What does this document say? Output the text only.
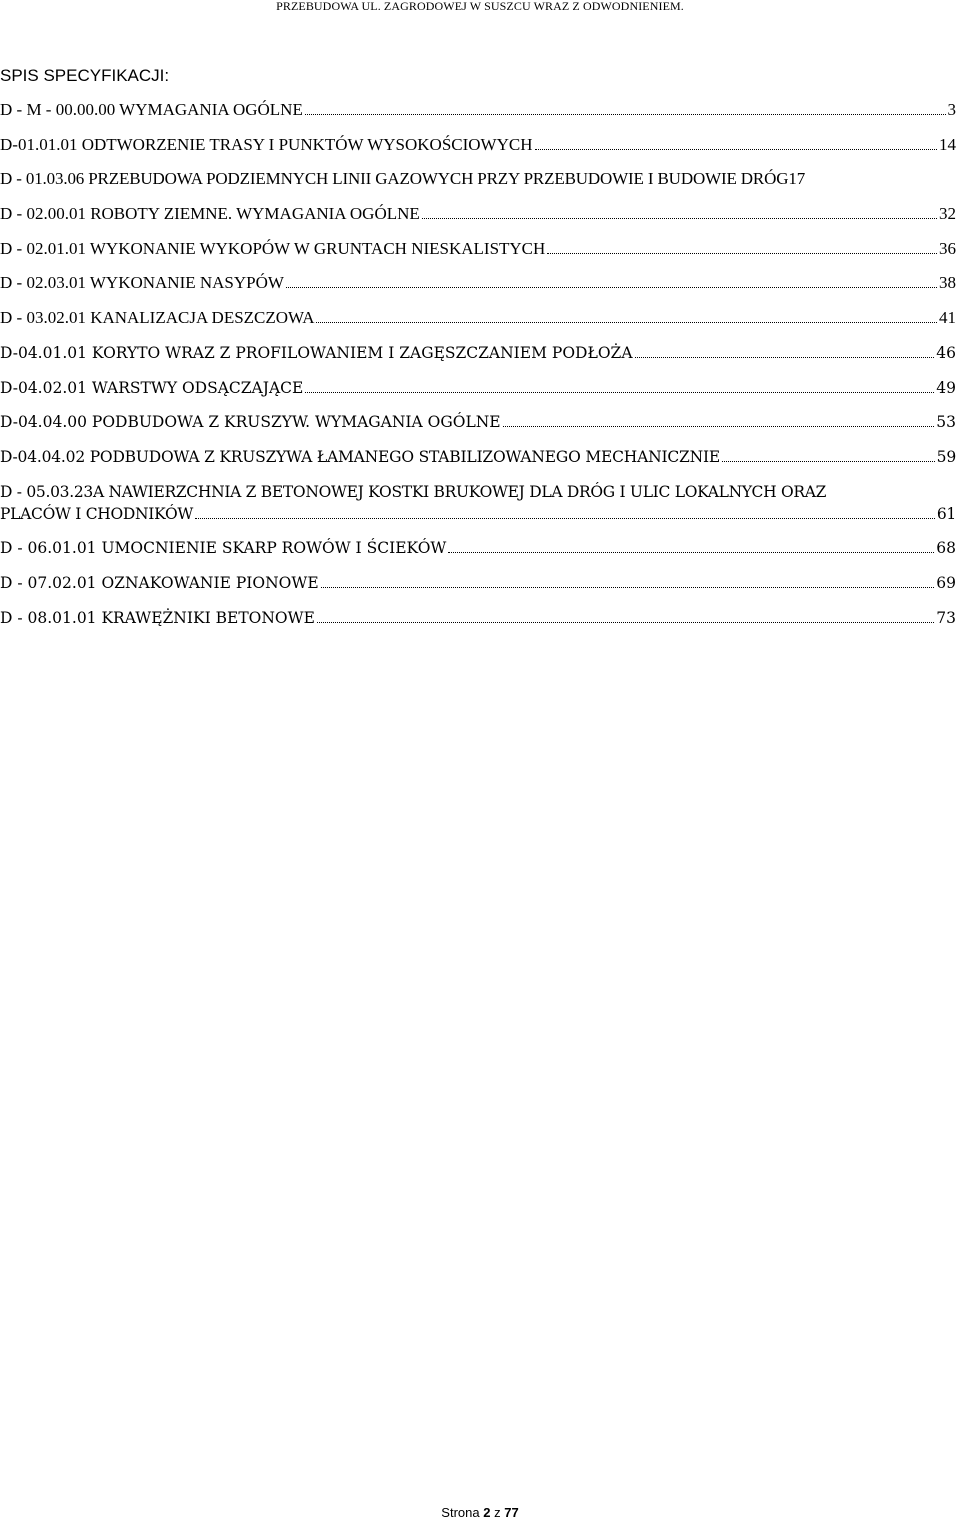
PRZEBUDOWA UL. ZAGRODOWEJ W SUSZCU WRAZ Z ODWODNIENIEM.
SPIS SPECYFIKACJI:
D - M - 00.00.00 WYMAGANIA OGÓLNE	3
D-01.01.01 ODTWORZENIE TRASY I PUNKTÓW WYSOKOŚCIOWYCH	14
D - 01.03.06 PRZEBUDOWA PODZIEMNYCH LINII GAZOWYCH PRZY PRZEBUDOWIE I BUDOWIE DRÓG 17
D - 02.00.01 ROBOTY ZIEMNE. WYMAGANIA OGÓLNE	32
D - 02.01.01 WYKONANIE WYKOPÓW W GRUNTACH NIESKALISTYCH	36
D - 02.03.01 WYKONANIE NASYPÓW	38
D - 03.02.01 KANALIZACJA DESZCZOWA	41
D-04.01.01 KORYTO WRAZ Z PROFILOWANIEM I ZAGĘSZCZANIEM PODŁOŻA	46
D-04.02.01 WARSTWY ODSĄCZAJĄCE	49
D-04.04.00 PODBUDOWA Z KRUSZYW. WYMAGANIA OGÓLNE	53
D-04.04.02 PODBUDOWA Z KRUSZYWA ŁAMANEGO STABILIZOWANEGO MECHANICZNIE	59
D - 05.03.23A NAWIERZCHNIA Z BETONOWEJ KOSTKI BRUKOWEJ DLA DRÓG I ULIC LOKALNYCH ORAZ
PLACÓW I CHODNIKÓW	61
D - 06.01.01 UMOCNIENIE SKARP ROWÓW I ŚCIEKÓW	68
D - 07.02.01 OZNAKOWANIE PIONOWE	69
D - 08.01.01 KRAWĘŻNIKI BETONOWE	73
Strona 2 z 77
